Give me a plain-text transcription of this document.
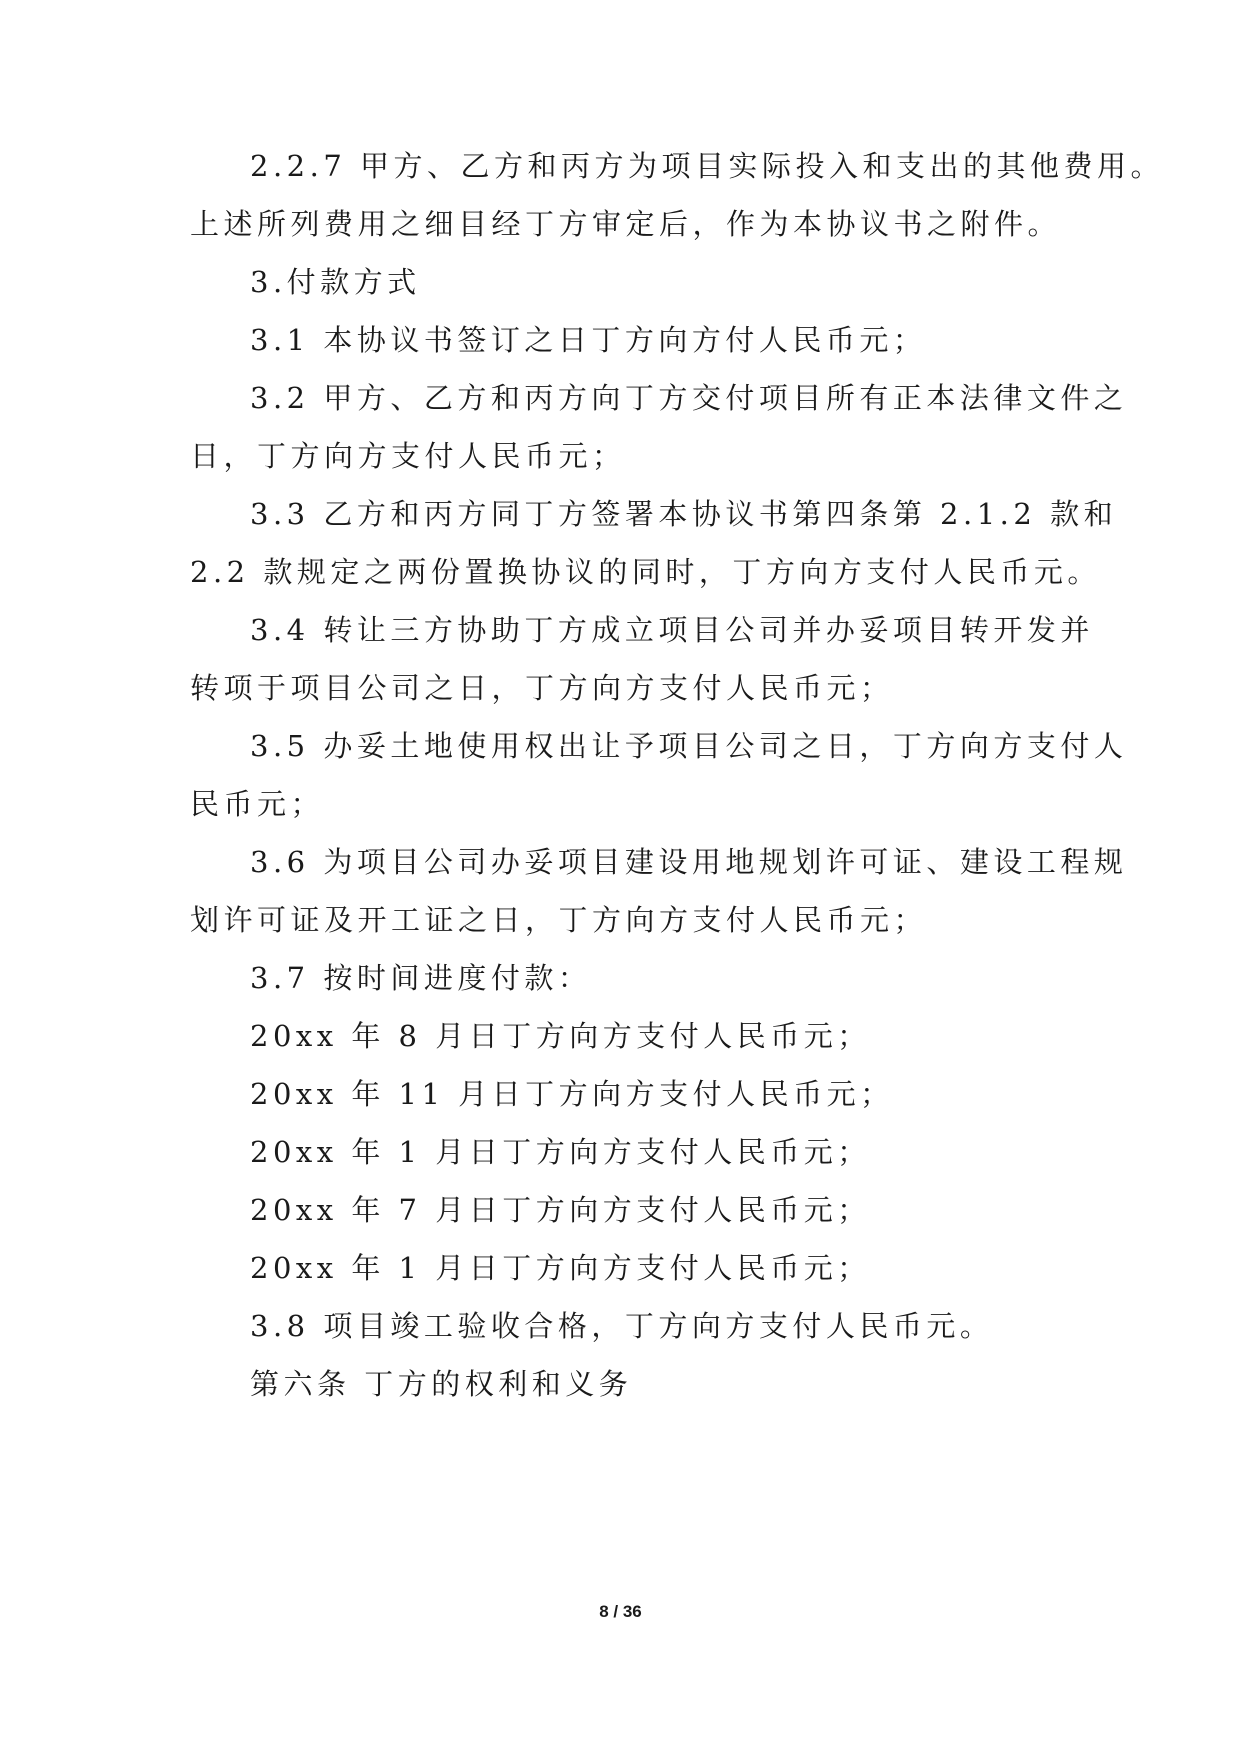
2.2.7 甲方、乙方和丙方为项目实际投入和支出的其他费用。
上述所列费用之细目经丁方审定后，作为本协议书之附件。
3.付款方式
3.1 本协议书签订之日丁方向方付人民币元；
3.2 甲方、乙方和丙方向丁方交付项目所有正本法律文件之
日，丁方向方支付人民币元；
3.3 乙方和丙方同丁方签署本协议书第四条第 2.1.2 款和
2.2 款规定之两份置换协议的同时，丁方向方支付人民币元。
3.4 转让三方协助丁方成立项目公司并办妥项目转开发并
转项于项目公司之日，丁方向方支付人民币元；
3.5 办妥土地使用权出让予项目公司之日，丁方向方支付人
民币元；
3.6 为项目公司办妥项目建设用地规划许可证、建设工程规
划许可证及开工证之日，丁方向方支付人民币元；
3.7 按时间进度付款：
20xx 年 8 月日丁方向方支付人民币元；
20xx 年 11 月日丁方向方支付人民币元；
20xx 年 1 月日丁方向方支付人民币元；
20xx 年 7 月日丁方向方支付人民币元；
20xx 年 1 月日丁方向方支付人民币元；
3.8 项目竣工验收合格，丁方向方支付人民币元。
第六条 丁方的权利和义务
8 / 36
